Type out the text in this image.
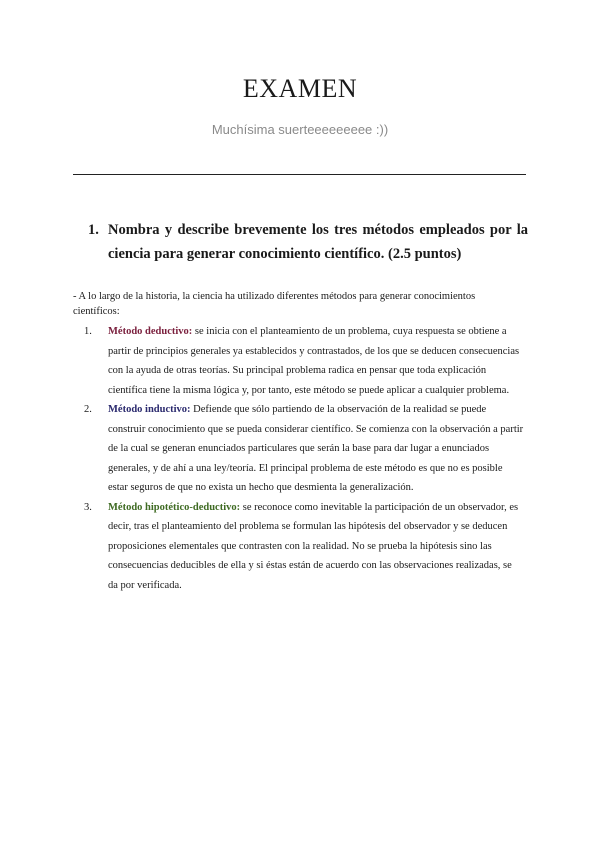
EXAMEN
Muchísima suerteeeeeeeee :))
1. Nombra y describe brevemente los tres métodos empleados por la ciencia para generar conocimiento científico. (2.5 puntos)
- A lo largo de la historia, la ciencia ha utilizado diferentes métodos para generar conocimientos científicos:
1.	Método deductivo: se inicia con el planteamiento de un problema, cuya respuesta se obtiene a partir de principios generales ya establecidos y contrastados, de los que se deducen consecuencias con la ayuda de otras teorías. Su principal problema radica en pensar que toda explicación científica tiene la misma lógica y, por tanto, este método se puede aplicar a cualquier problema.
2.	Método inductivo: Defiende que sólo partiendo de la observación de la realidad se puede construir conocimiento que se pueda considerar científico. Se comienza con la observación a partir de la cual se generan enunciados particulares que serán la base para dar lugar a enunciados generales, y de ahí a una ley/teoría. El principal problema de este método es que no es posible estar seguros de que no exista un hecho que desmienta la generalización.
3.	Método hipotético-deductivo: se reconoce como inevitable la participación de un observador, es decir, tras el planteamiento del problema se formulan las hipótesis del observador y se deducen proposiciones elementales que contrasten con la realidad. No se prueba la hipótesis sino las consecuencias deducibles de ella y si éstas están de acuerdo con las observaciones realizadas, se da por verificada.
